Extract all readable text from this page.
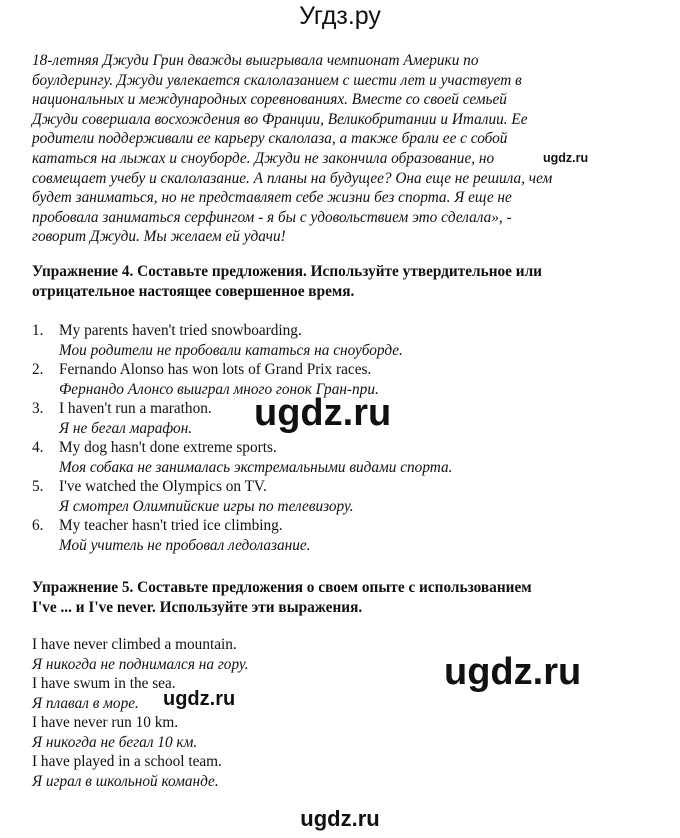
Угдз.ру
18-летняя Джуди Грин дважды выигрывала чемпионат Америки по
боулдерингу. Джуди увлекается скалолазанием с шести лет и участвует в
национальных и международных соревнованиях. Вместе со своей семьей
Джуди совершала восхождения во Франции, Великобритании и Италии. Ее
родители поддерживали ее карьеру скалолаза, а также брали ее с собой
кататься на лыжах и сноуборде. Джуди не закончила образование, но
совмещает учебу и скалолазание. А планы на будущее? Она еще не решила, чем
будет заниматься, но не представляет себе жизни без спорта. Я еще не
пробовала заниматься серфингом - я бы с удовольствием это сделала», -
говорит Джуди. Мы желаем ей удачи!
Упражнение 4. Составьте предложения. Используйте утвердительное или
отрицательное настоящее совершенное время.
1. My parents haven't tried snowboarding.
Мои родители не пробовали кататься на сноуборде.
2. Fernando Alonso has won lots of Grand Prix races.
Фернандо Алонсо выиграл много гонок Гран-при.
3. I haven't run a marathon.
Я не бегал марафон.
4. My dog hasn't done extreme sports.
Моя собака не занималась экстремальными видами спорта.
5. I've watched the Olympics on TV.
Я смотрел Олимпийские игры по телевизору.
6. My teacher hasn't tried ice climbing.
Мой учитель не пробовал ледолазание.
Упражнение 5. Составьте предложения о своем опыте с использованием
I've ... и I've never. Используйте эти выражения.
I have never climbed a mountain.
Я никогда не поднимался на гору.
I have swum in the sea.
Я плавал в море.
I have never run 10 km.
Я никогда не бегал 10 км.
I have played in a school team.
Я играл в школьной команде.
ugdz.ru
ugdz.ru
ugdz.ru
ugdz.ru
ugdz.ru
